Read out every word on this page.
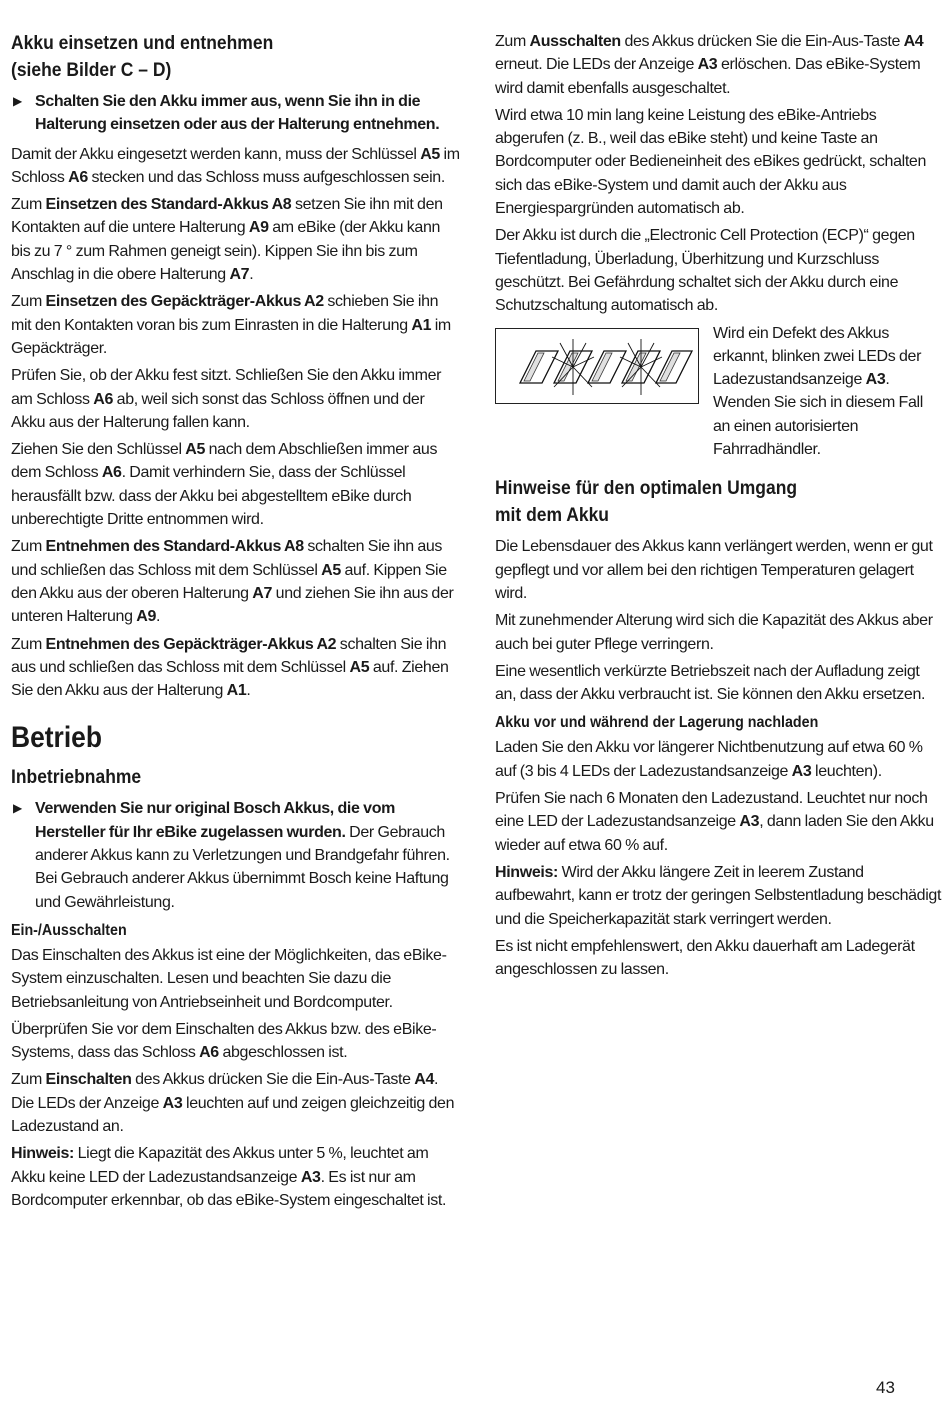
Akku einsetzen und entnehmen
(siehe Bilder C – D)
▶ Schalten Sie den Akku immer aus, wenn Sie ihn in die Halterung einsetzen oder aus der Halterung entnehmen.

Damit der Akku eingesetzt werden kann, muss der Schlüssel A5 im Schloss A6 stecken und das Schloss muss aufgeschlossen sein.

Zum Einsetzen des Standard-Akkus A8 setzen Sie ihn mit den Kontakten auf die untere Halterung A9 am eBike (der Akku kann bis zu 7 ° zum Rahmen geneigt sein). Kippen Sie ihn bis zum Anschlag in die obere Halterung A7.

Zum Einsetzen des Gepäckträger-Akkus A2 schieben Sie ihn mit den Kontakten voran bis zum Einrasten in die Halterung A1 im Gepäckträger.

Prüfen Sie, ob der Akku fest sitzt. Schließen Sie den Akku immer am Schloss A6 ab, weil sich sonst das Schloss öffnen und der Akku aus der Halterung fallen kann.

Ziehen Sie den Schlüssel A5 nach dem Abschließen immer aus dem Schloss A6. Damit verhindern Sie, dass der Schlüssel herausfällt bzw. dass der Akku bei abgestelltem eBike durch unberechtigte Dritte entnommen wird.

Zum Entnehmen des Standard-Akkus A8 schalten Sie ihn aus und schließen das Schloss mit dem Schlüssel A5 auf. Kippen Sie den Akku aus der oberen Halterung A7 und ziehen Sie ihn aus der unteren Halterung A9.

Zum Entnehmen des Gepäckträger-Akkus A2 schalten Sie ihn aus und schließen das Schloss mit dem Schlüssel A5 auf. Ziehen Sie den Akku aus der Halterung A1.

Betrieb
Inbetriebnahme
▶ Verwenden Sie nur original Bosch Akkus, die vom Hersteller für Ihr eBike zugelassen wurden. Der Gebrauch anderer Akkus kann zu Verletzungen und Brandgefahr führen. Bei Gebrauch anderer Akkus übernimmt Bosch keine Haftung und Gewährleistung.

Ein-/Ausschalten

Das Einschalten des Akkus ist eine der Möglichkeiten, das eBike-System einzuschalten. Lesen und beachten Sie dazu die Betriebsanleitung von Antriebseinheit und Bordcomputer.

Überprüfen Sie vor dem Einschalten des Akkus bzw. des eBike-Systems, dass das Schloss A6 abgeschlossen ist.

Zum Einschalten des Akkus drücken Sie die Ein-Aus-Taste A4. Die LEDs der Anzeige A3 leuchten auf und zeigen gleichzeitig den Ladezustand an.

Hinweis: Liegt die Kapazität des Akkus unter 5 %, leuchtet am Akku keine LED der Ladezustandsanzeige A3. Es ist nur am Bordcomputer erkennbar, ob das eBike-System eingeschaltet ist.

Zum Ausschalten des Akkus drücken Sie die Ein-Aus-Taste A4 erneut. Die LEDs der Anzeige A3 erlöschen. Das eBike-System wird damit ebenfalls ausgeschaltet.

Wird etwa 10 min lang keine Leistung des eBike-Antriebs abgerufen (z. B., weil das eBike steht) und keine Taste an Bordcomputer oder Bedieneinheit des eBikes gedrückt, schalten sich das eBike-System und damit auch der Akku aus Energiespargründen automatisch ab.

Der Akku ist durch die „Electronic Cell Protection (ECP)“ gegen Tiefentladung, Überladung, Überhitzung und Kurzschluss geschützt. Bei Gefährdung schaltet sich der Akku durch eine Schutzschaltung automatisch ab.

Wird ein Defekt des Akkus erkannt, blinken zwei LEDs der Ladezustandsanzeige A3. Wenden Sie sich in diesem Fall an einen autorisierten Fahrradhändler.

Hinweise für den optimalen Umgang
mit dem Akku

Die Lebensdauer des Akkus kann verlängert werden, wenn er gut gepflegt und vor allem bei den richtigen Temperaturen gelagert wird.

Mit zunehmender Alterung wird sich die Kapazität des Akkus aber auch bei guter Pflege verringern.

Eine wesentlich verkürzte Betriebszeit nach der Aufladung zeigt an, dass der Akku verbraucht ist. Sie können den Akku ersetzen.

Akku vor und während der Lagerung nachladen

Laden Sie den Akku vor längerer Nichtbenutzung auf etwa 60 % auf (3 bis 4 LEDs der Ladezustandsanzeige A3 leuchten).

Prüfen Sie nach 6 Monaten den Ladezustand. Leuchtet nur noch eine LED der Ladezustandsanzeige A3, dann laden Sie den Akku wieder auf etwa 60 % auf.

Hinweis: Wird der Akku längere Zeit in leerem Zustand aufbewahrt, kann er trotz der geringen Selbstentladung beschädigt und die Speicherkapazität stark verringert werden.

Es ist nicht empfehlenswert, den Akku dauerhaft am Ladegerät angeschlossen zu lassen.

43
